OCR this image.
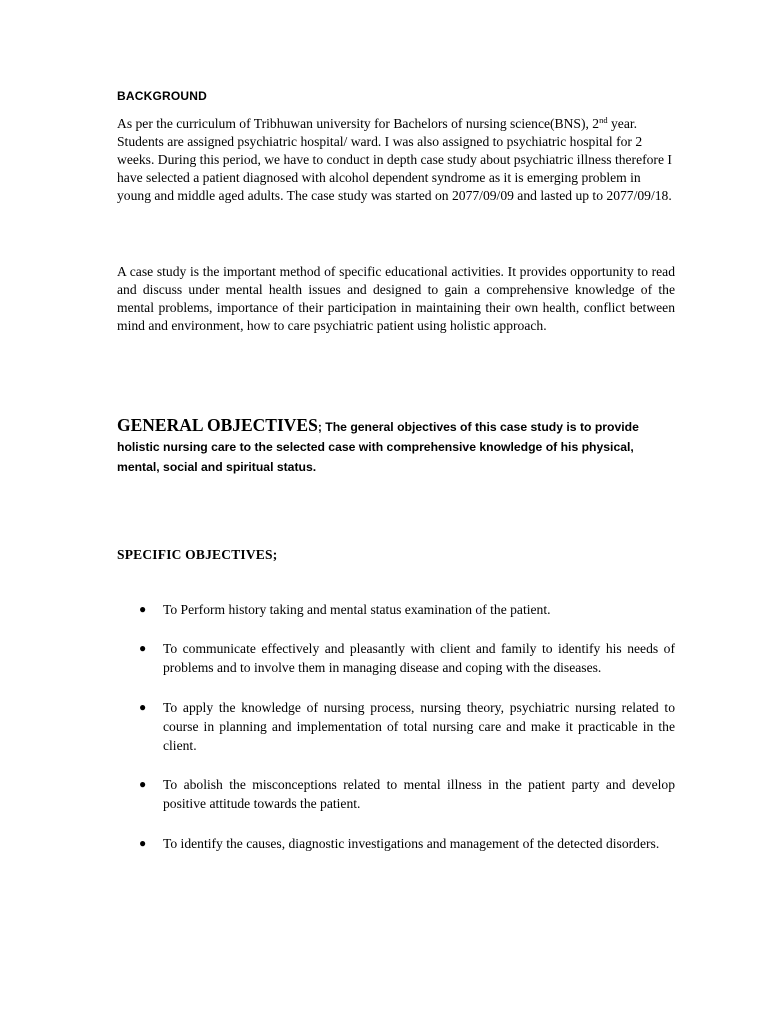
BACKGROUND

As per the curriculum of Tribhuwan university for Bachelors of nursing science(BNS), 2nd year. Students are assigned psychiatric hospital/ ward. I was also assigned to psychiatric hospital for 2 weeks. During this period, we have to conduct in depth case study about psychiatric illness therefore I have selected a patient diagnosed with alcohol dependent syndrome as it is emerging problem in young and middle aged adults. The case study was started on 2077/09/09 and lasted up to 2077/09/18.

A case study is the important method of specific educational activities. It provides opportunity to read and discuss under mental health issues and designed to gain a comprehensive knowledge of the mental problems, importance of their participation in maintaining their own health, conflict between mind and environment, how to care psychiatric patient using holistic approach.

GENERAL OBJECTIVES; The general objectives of this case study is to provide holistic nursing care to the selected case with comprehensive knowledge of his physical, mental, social and spiritual status.

SPECIFIC OBJECTIVES;
● To Perform history taking and mental status examination of the patient.
● To communicate effectively and pleasantly with client and family to identify his needs of problems and to involve them in managing disease and coping with the diseases.
● To apply the knowledge of nursing process, nursing theory, psychiatric nursing related to course in planning and implementation of total nursing care and make it practicable in the client.
● To abolish the misconceptions related to mental illness in the patient party and develop positive attitude towards the patient.
● To identify the causes, diagnostic investigations and management of the detected disorders.
